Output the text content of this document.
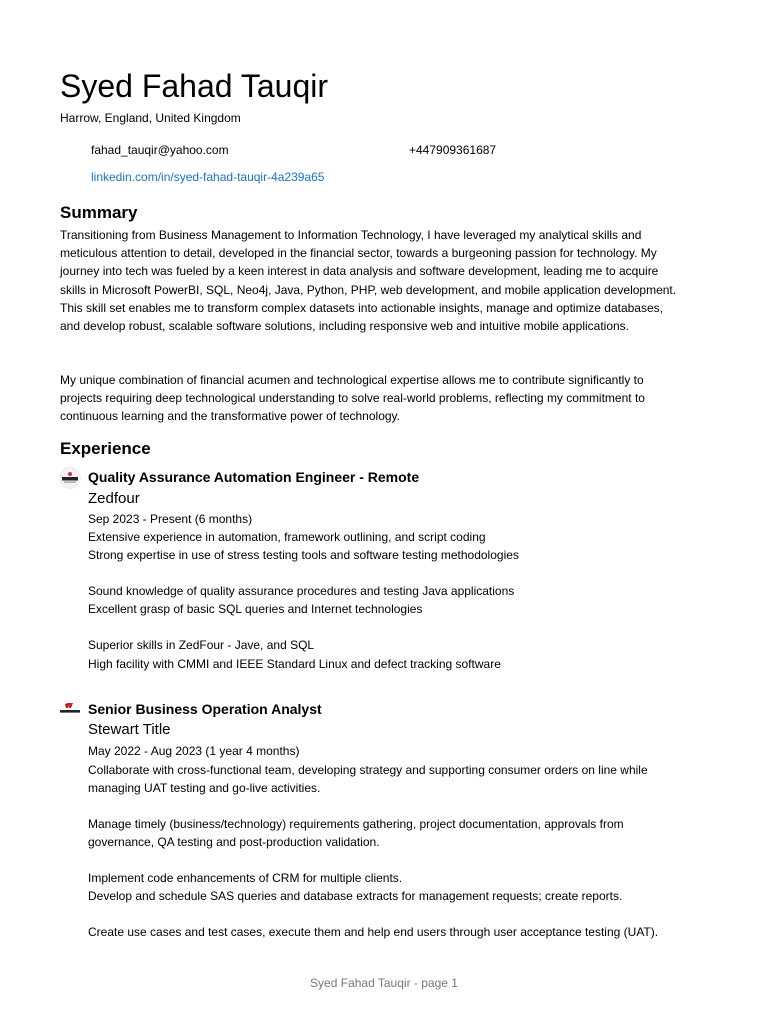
Syed Fahad Tauqir
Harrow, England, United Kingdom
fahad_tauqir@yahoo.com	+447909361687
linkedin.com/in/syed-fahad-tauqir-4a239a65
Summary

Transitioning from Business Management to Information Technology, I have leveraged my analytical skills and meticulous attention to detail, developed in the financial sector, towards a burgeoning passion for technology. My journey into tech was fueled by a keen interest in data analysis and software development, leading me to acquire skills in Microsoft PowerBI, SQL, Neo4j, Java, Python, PHP, web development, and mobile application development. This skill set enables me to transform complex datasets into actionable insights, manage and optimize databases, and develop robust, scalable software solutions, including responsive web and intuitive mobile applications.

My unique combination of financial acumen and technological expertise allows me to contribute significantly to projects requiring deep technological understanding to solve real-world problems, reflecting my commitment to continuous learning and the transformative power of technology.

Experience
Quality Assurance Automation Engineer - Remote
Zedfour

Sep 2023 - Present (6 months)

Extensive experience in automation, framework outlining, and script coding

Strong expertise in use of stress testing tools and software testing methodologies

Sound knowledge of quality assurance procedures and testing Java applications

Excellent grasp of basic SQL queries and Internet technologies

Superior skills in ZedFour - Jave, and SQL

High facility with CMMI and IEEE Standard Linux and defect tracking software

Senior Business Operation Analyst
Stewart Title

May 2022 - Aug 2023 (1 year 4 months)

Collaborate with cross-functional team, developing strategy and supporting consumer orders on line while managing UAT testing and go-live activities.

Manage timely (business/technology) requirements gathering, project documentation, approvals from governance, QA testing and post-production validation.

Implement code enhancements of CRM for multiple clients.

Develop and schedule SAS queries and database extracts for management requests; create reports.

Create use cases and test cases, execute them and help end users through user acceptance testing (UAT).

Syed Fahad Tauqir - page 1
